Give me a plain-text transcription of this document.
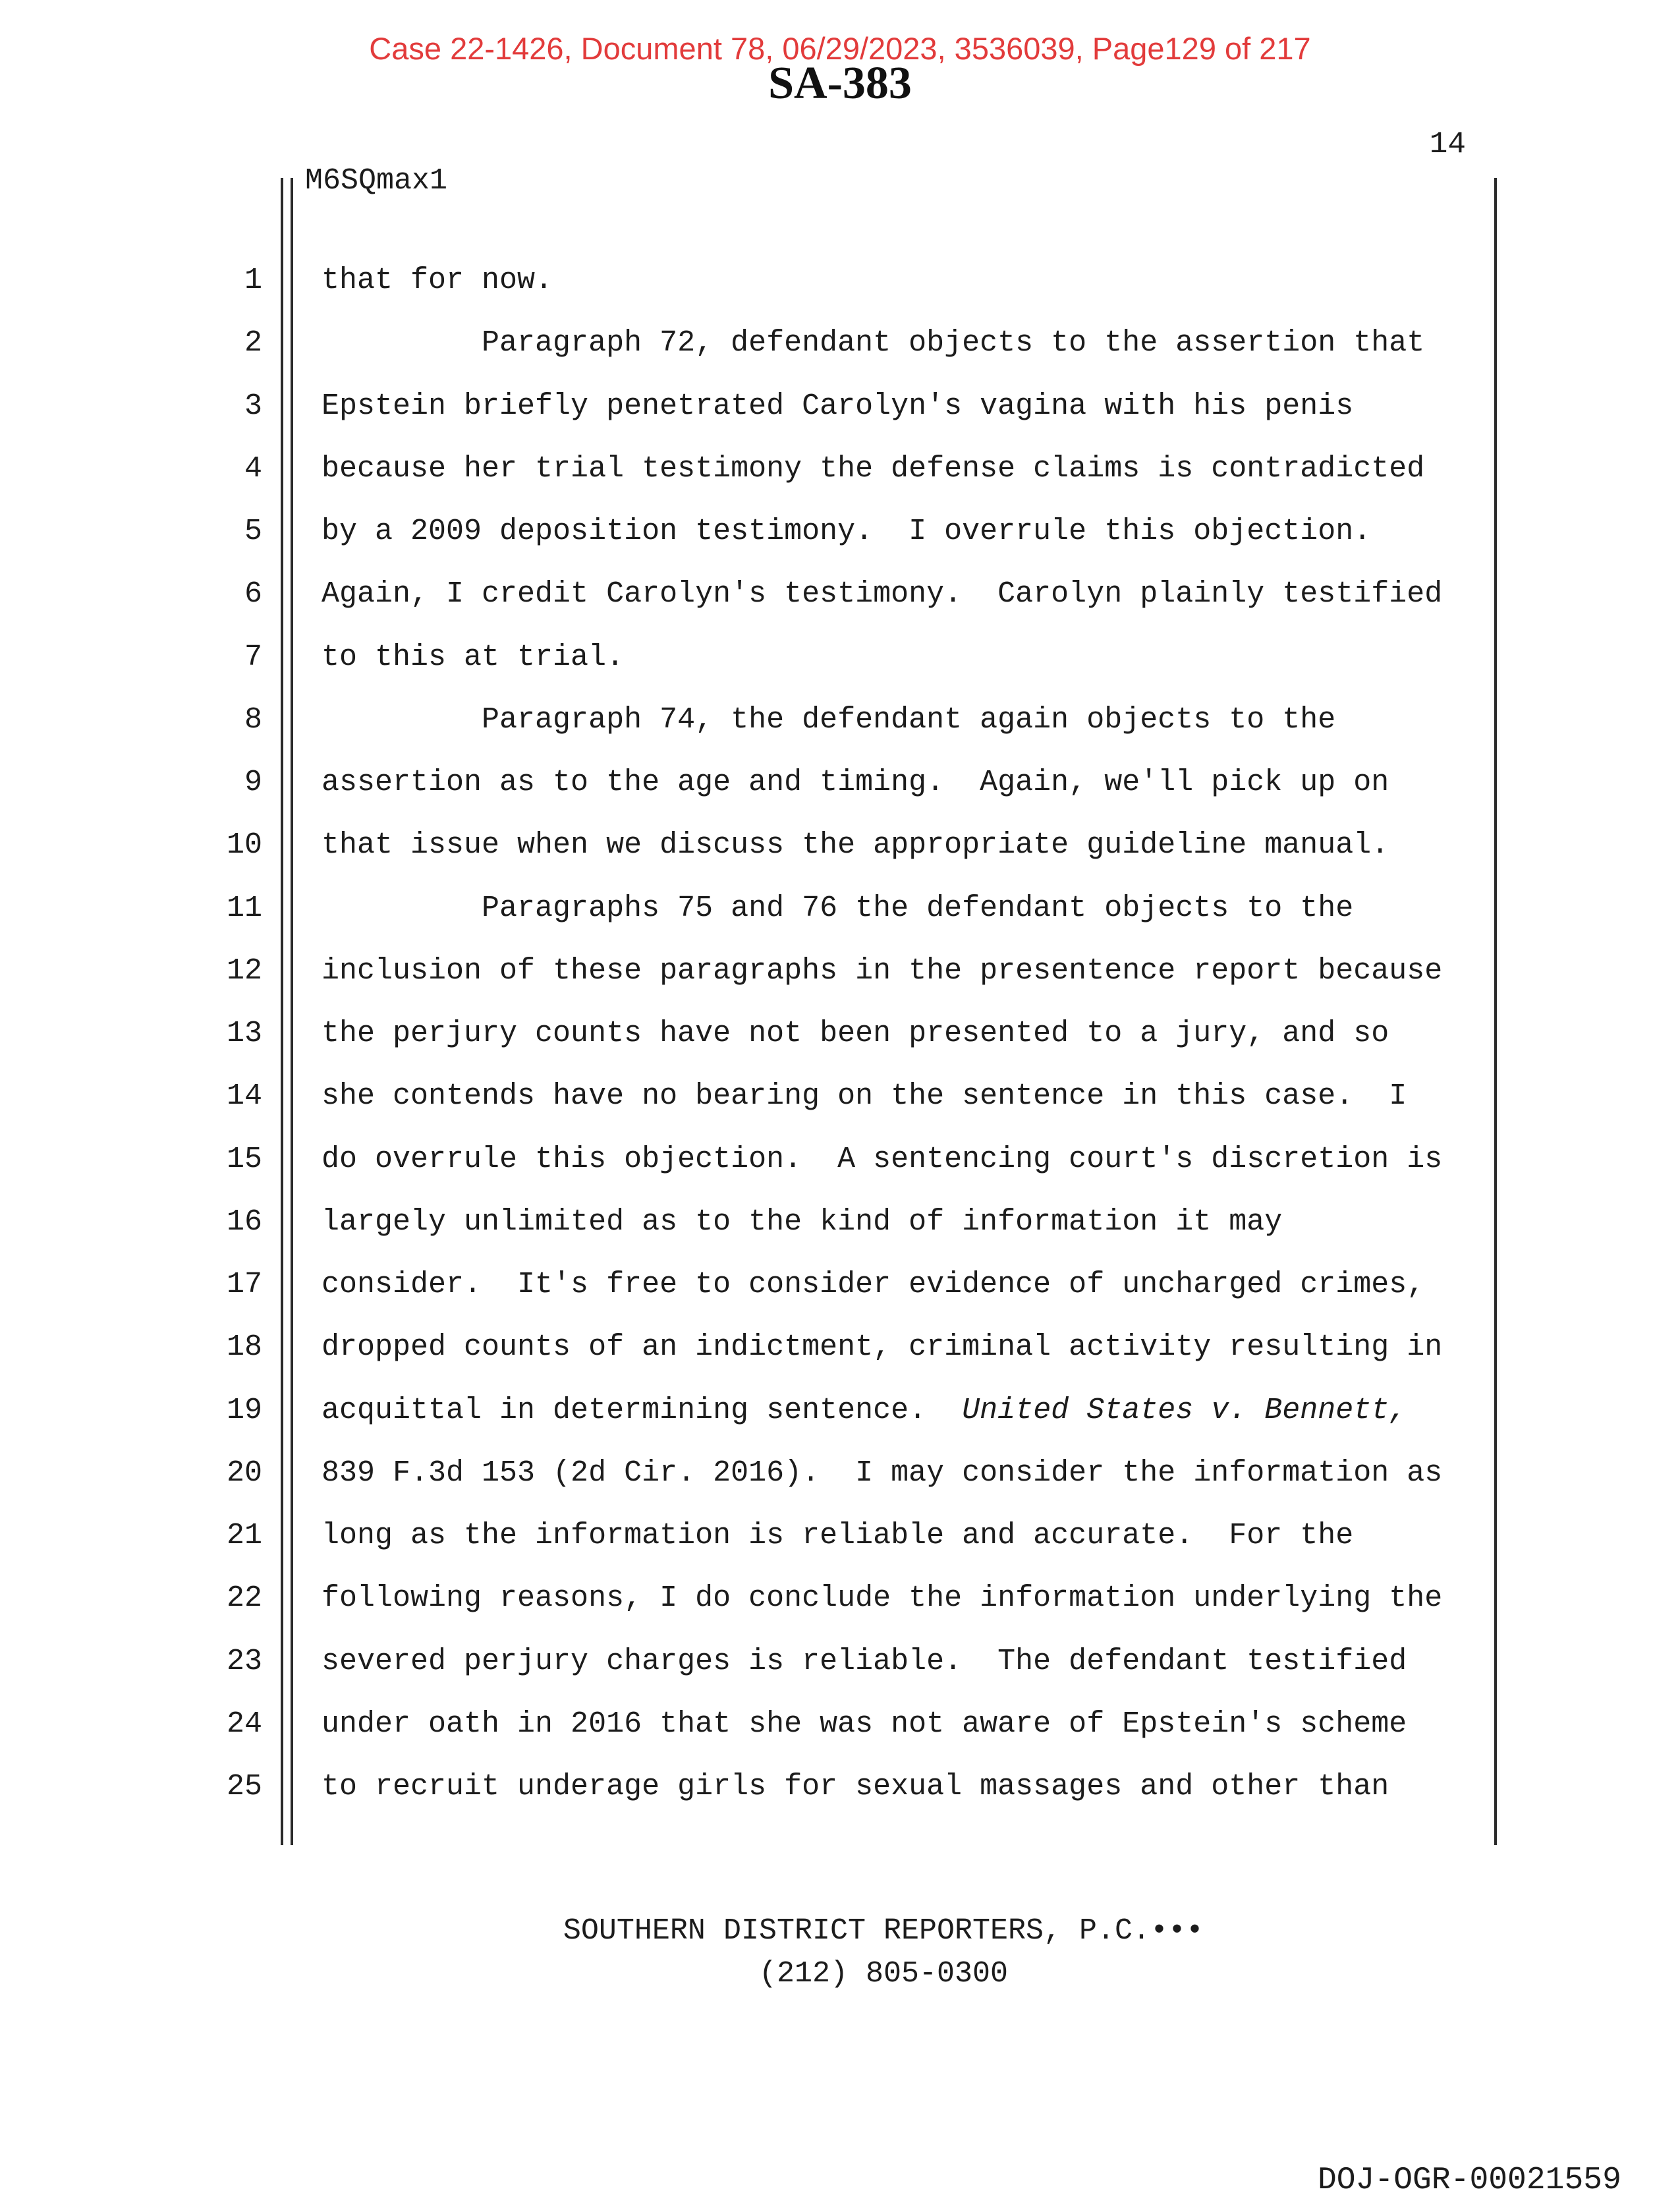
Case 22-1426, Document 78, 06/29/2023, 3536039, Page129 of 217
SA-383
14
M6SQmax1
1 that for now.
2 Paragraph 72, defendant objects to the assertion that
3 Epstein briefly penetrated Carolyn's vagina with his penis
4 because her trial testimony the defense claims is contradicted
5 by a 2009 deposition testimony.  I overrule this objection.
6 Again, I credit Carolyn's testimony.  Carolyn plainly testified
7 to this at trial.
8 Paragraph 74, the defendant again objects to the
9 assertion as to the age and timing.  Again, we'll pick up on
10 that issue when we discuss the appropriate guideline manual.
11 Paragraphs 75 and 76 the defendant objects to the
12 inclusion of these paragraphs in the presentence report because
13 the perjury counts have not been presented to a jury, and so
14 she contends have no bearing on the sentence in this case.  I
15 do overrule this objection.  A sentencing court's discretion is
16 largely unlimited as to the kind of information it may
17 consider.  It's free to consider evidence of uncharged crimes,
18 dropped counts of an indictment, criminal activity resulting in
19 acquittal in determining sentence.  United States v. Bennett,
20 839 F.3d 153 (2d Cir. 2016).  I may consider the information as
21 long as the information is reliable and accurate.  For the
22 following reasons, I do conclude the information underlying the
23 severed perjury charges is reliable.  The defendant testified
24 under oath in 2016 that she was not aware of Epstein's scheme
25 to recruit underage girls for sexual massages and other than
SOUTHERN DISTRICT REPORTERS, P.C.•••
(212) 805-0300
DOJ-OGR-00021559
